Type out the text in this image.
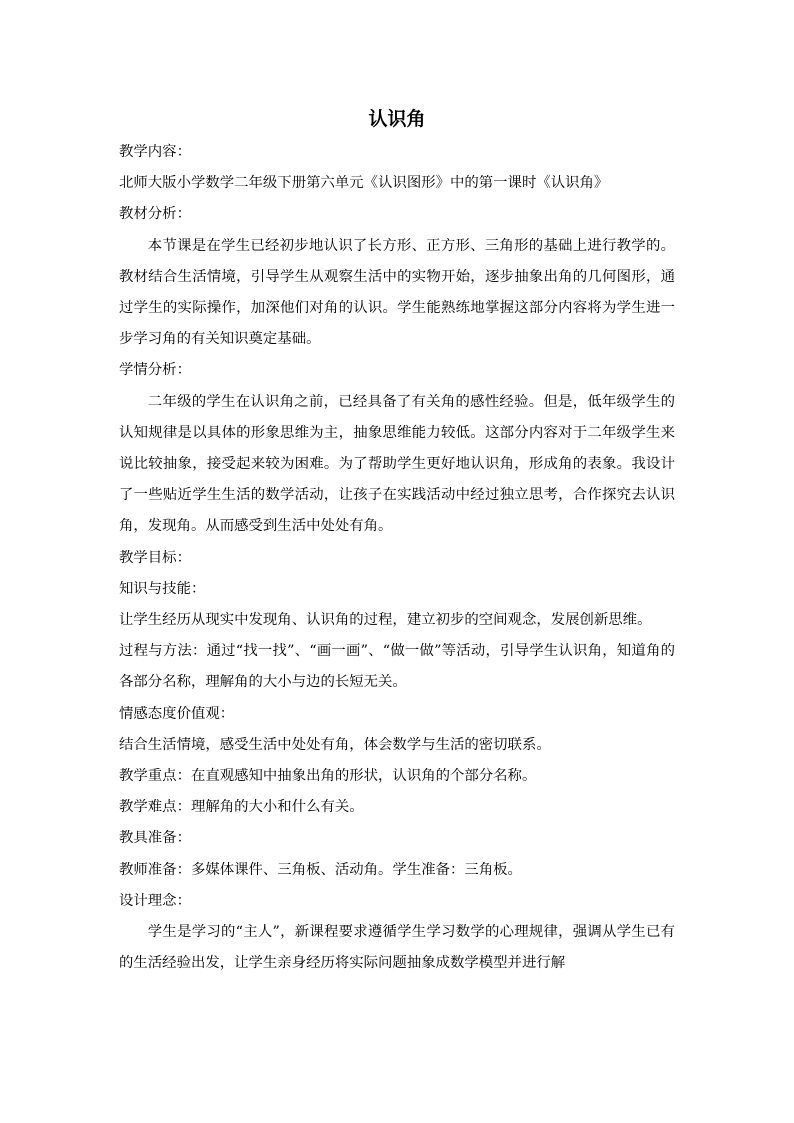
认识角
教学内容：
北师大版小学数学二年级下册第六单元《认识图形》中的第一课时《认识角》
教材分析：
本节课是在学生已经初步地认识了长方形、正方形、三角形的基础上进行教学的。教材结合生活情境，引导学生从观察生活中的实物开始，逐步抽象出角的几何图形，通过学生的实际操作，加深他们对角的认识。学生能熟练地掌握这部分内容将为学生进一步学习角的有关知识奠定基础。
学情分析：
二年级的学生在认识角之前，已经具备了有关角的感性经验。但是，低年级学生的认知规律是以具体的形象思维为主，抽象思维能力较低。这部分内容对于二年级学生来说比较抽象，接受起来较为困难。为了帮助学生更好地认识角，形成角的表象。我设计了一些贴近学生生活的数学活动，让孩子在实践活动中经过独立思考，合作探究去认识角，发现角。从而感受到生活中处处有角。
教学目标：
知识与技能：
让学生经历从现实中发现角、认识角的过程，建立初步的空间观念，发展创新思维。
过程与方法：通过“找一找”、“画一画”、“做一做”等活动，引导学生认识角，知道角的各部分名称，理解角的大小与边的长短无关。
情感态度价值观：
结合生活情境，感受生活中处处有角，体会数学与生活的密切联系。
教学重点：在直观感知中抽象出角的形状，认识角的个部分名称。
教学难点：理解角的大小和什么有关。
教具准备：
教师准备：多媒体课件、三角板、活动角。学生准备：三角板。
设计理念：
学生是学习的“主人”，新课程要求遵循学生学习数学的心理规律，强调从学生已有的生活经验出发，让学生亲身经历将实际问题抽象成数学模型并进行解
